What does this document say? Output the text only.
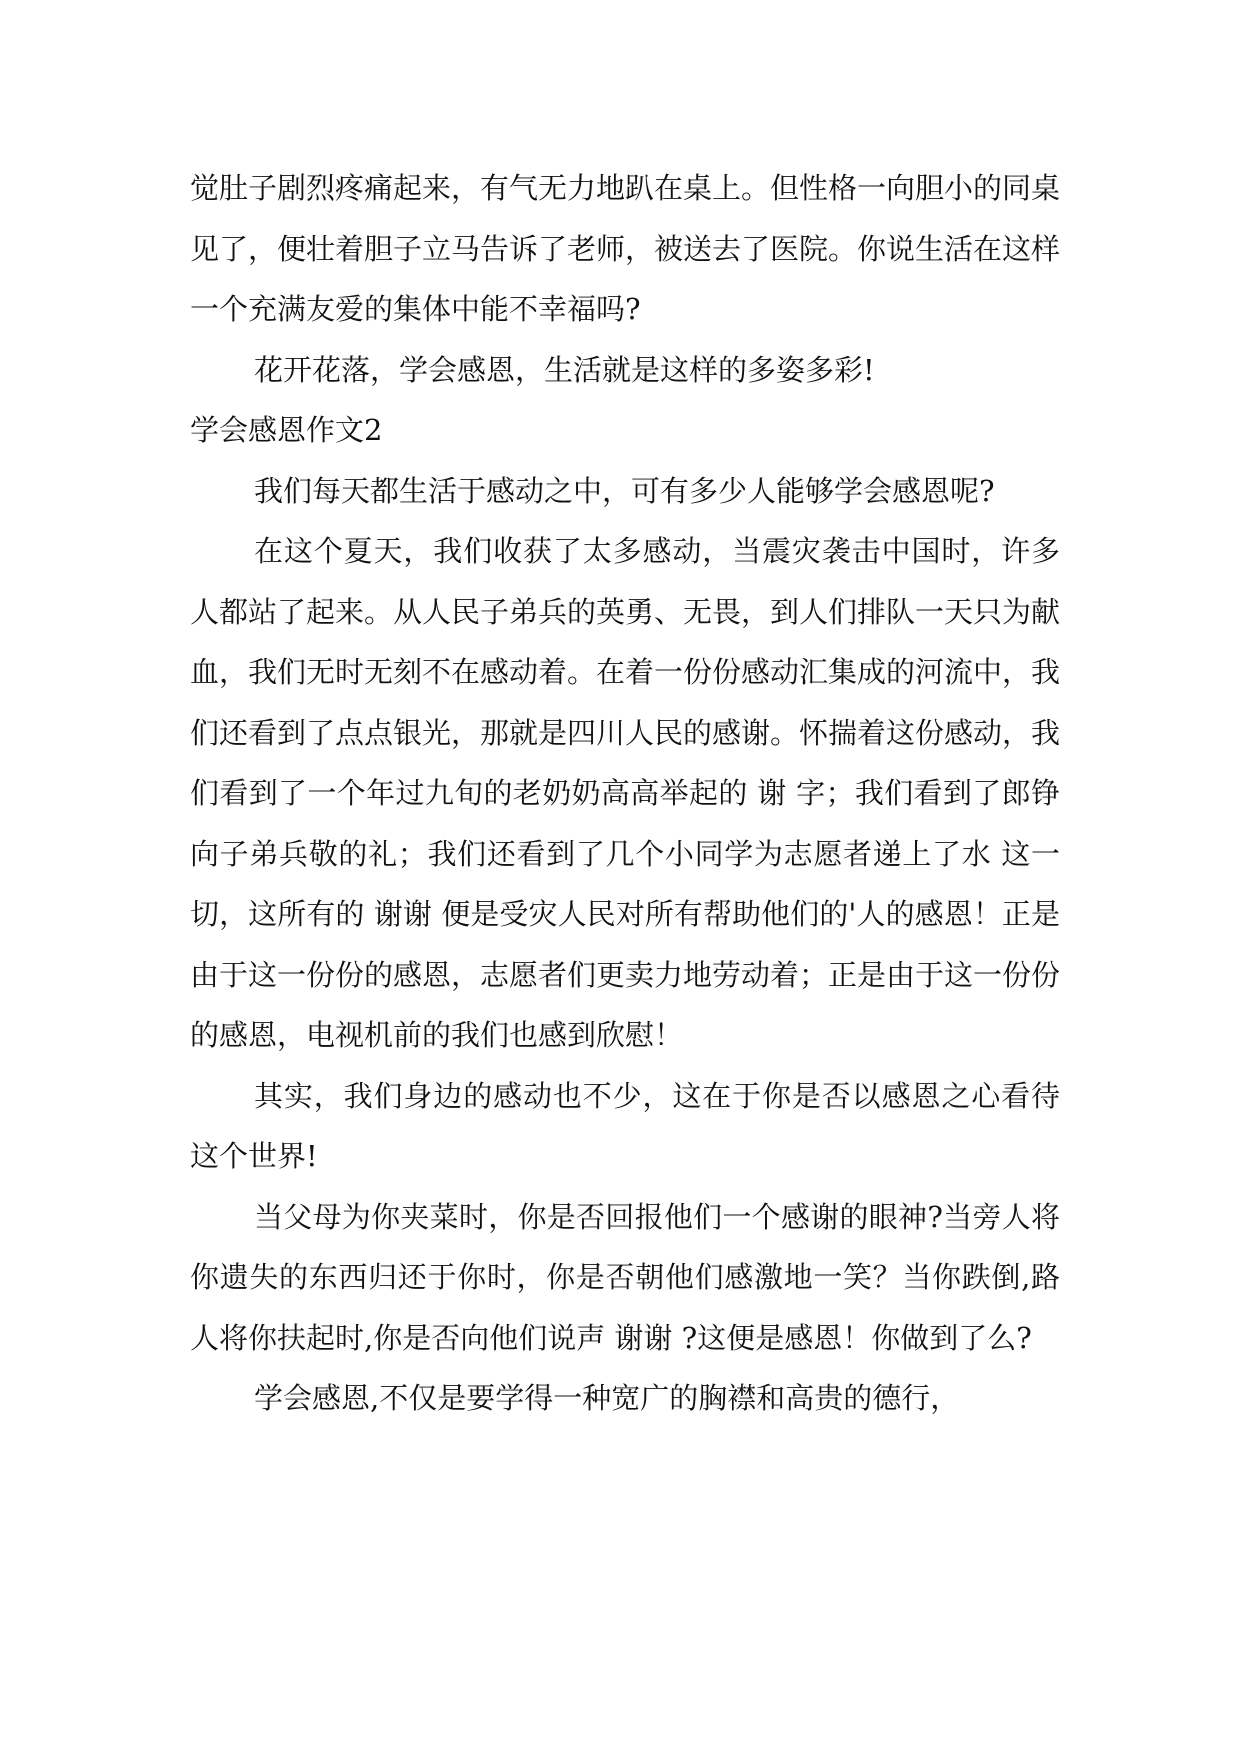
觉肚子剧烈疼痛起来，有气无力地趴在桌上。但性格一向胆小的同桌见了，便壮着胆子立马告诉了老师，被送去了医院。你说生活在这样一个充满友爱的集体中能不幸福吗?

花开花落，学会感恩，生活就是这样的多姿多彩!

学会感恩作文2

我们每天都生活于感动之中，可有多少人能够学会感恩呢?

在这个夏天，我们收获了太多感动，当震灾袭击中国时，许多人都站了起来。从人民子弟兵的英勇、无畏，到人们排队一天只为献血，我们无时无刻不在感动着。在着一份份感动汇集成的河流中，我们还看到了点点银光，那就是四川人民的感谢。怀揣着这份感动，我们看到了一个年过九旬的老奶奶高高举起的 谢 字；我们看到了郎铮向子弟兵敬的礼；我们还看到了几个小同学为志愿者递上了水 这一切，这所有的 谢谢 便是受灾人民对所有帮助他们的'人的感恩！正是由于这一份份的感恩，志愿者们更卖力地劳动着；正是由于这一份份的感恩，电视机前的我们也感到欣慰！

其实，我们身边的感动也不少，这在于你是否以感恩之心看待这个世界!

当父母为你夹菜时，你是否回报他们一个感谢的眼神?当旁人将你遗失的东西归还于你时，你是否朝他们感激地一笑？当你跌倒,路人将你扶起时,你是否向他们说声 谢谢 ?这便是感恩！你做到了么?

学会感恩,不仅是要学得一种宽广的胸襟和高贵的德行，
